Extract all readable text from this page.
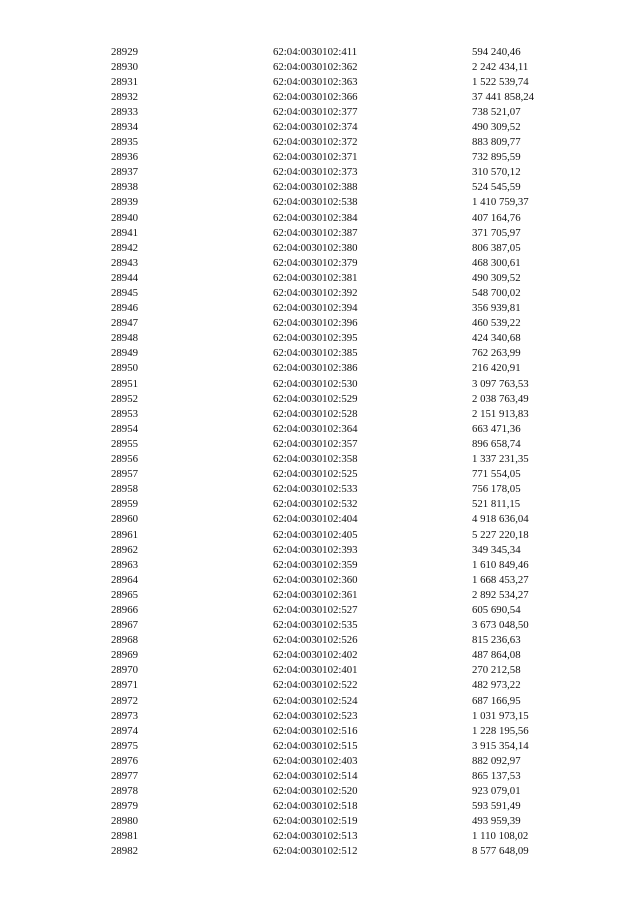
28929	62:04:0030102:411	594 240,46
28930	62:04:0030102:362	2 242 434,11
28931	62:04:0030102:363	1 522 539,74
28932	62:04:0030102:366	37 441 858,24
28933	62:04:0030102:377	738 521,07
28934	62:04:0030102:374	490 309,52
28935	62:04:0030102:372	883 809,77
28936	62:04:0030102:371	732 895,59
28937	62:04:0030102:373	310 570,12
28938	62:04:0030102:388	524 545,59
28939	62:04:0030102:538	1 410 759,37
28940	62:04:0030102:384	407 164,76
28941	62:04:0030102:387	371 705,97
28942	62:04:0030102:380	806 387,05
28943	62:04:0030102:379	468 300,61
28944	62:04:0030102:381	490 309,52
28945	62:04:0030102:392	548 700,02
28946	62:04:0030102:394	356 939,81
28947	62:04:0030102:396	460 539,22
28948	62:04:0030102:395	424 340,68
28949	62:04:0030102:385	762 263,99
28950	62:04:0030102:386	216 420,91
28951	62:04:0030102:530	3 097 763,53
28952	62:04:0030102:529	2 038 763,49
28953	62:04:0030102:528	2 151 913,83
28954	62:04:0030102:364	663 471,36
28955	62:04:0030102:357	896 658,74
28956	62:04:0030102:358	1 337 231,35
28957	62:04:0030102:525	771 554,05
28958	62:04:0030102:533	756 178,05
28959	62:04:0030102:532	521 811,15
28960	62:04:0030102:404	4 918 636,04
28961	62:04:0030102:405	5 227 220,18
28962	62:04:0030102:393	349 345,34
28963	62:04:0030102:359	1 610 849,46
28964	62:04:0030102:360	1 668 453,27
28965	62:04:0030102:361	2 892 534,27
28966	62:04:0030102:527	605 690,54
28967	62:04:0030102:535	3 673 048,50
28968	62:04:0030102:526	815 236,63
28969	62:04:0030102:402	487 864,08
28970	62:04:0030102:401	270 212,58
28971	62:04:0030102:522	482 973,22
28972	62:04:0030102:524	687 166,95
28973	62:04:0030102:523	1 031 973,15
28974	62:04:0030102:516	1 228 195,56
28975	62:04:0030102:515	3 915 354,14
28976	62:04:0030102:403	882 092,97
28977	62:04:0030102:514	865 137,53
28978	62:04:0030102:520	923 079,01
28979	62:04:0030102:518	593 591,49
28980	62:04:0030102:519	493 959,39
28981	62:04:0030102:513	1 110 108,02
28982	62:04:0030102:512	8 577 648,09
